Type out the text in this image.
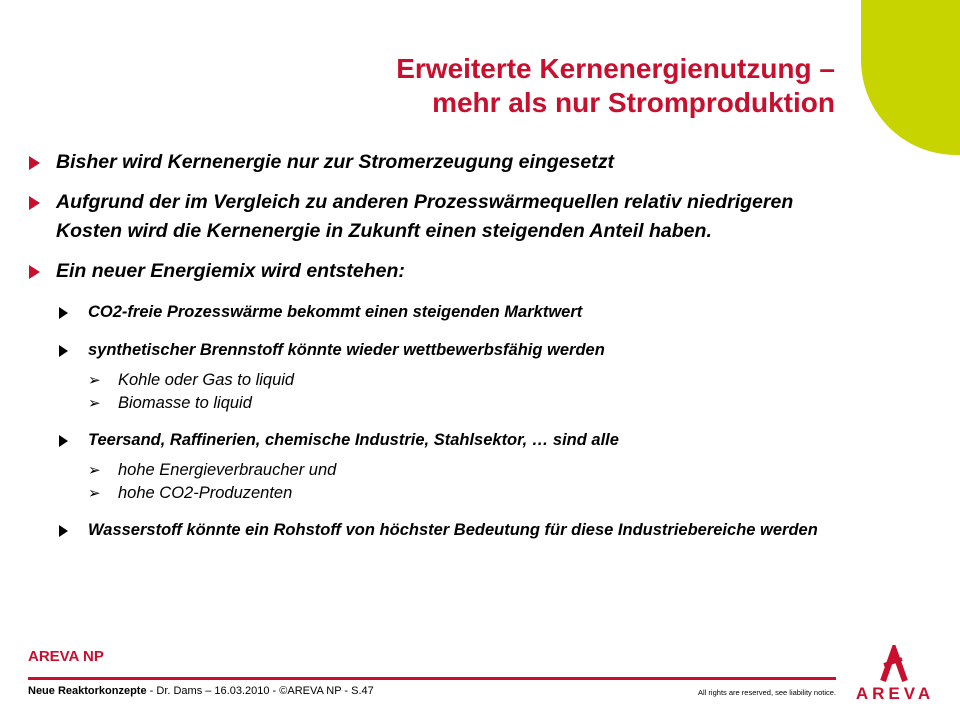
Erweiterte Kernenergienutzung –
mehr als nur Stromproduktion
Bisher wird Kernenergie nur zur Stromerzeugung eingesetzt
Aufgrund der im Vergleich zu anderen Prozesswärmequellen relativ niedrigeren Kosten wird die Kernenergie in Zukunft einen steigenden Anteil haben.
Ein neuer Energiemix wird entstehen:
CO2-freie Prozesswärme bekommt einen steigenden Marktwert
synthetischer Brennstoff könnte wieder wettbewerbsfähig werden
➢ Kohle oder Gas to liquid
➢ Biomasse to liquid
Teersand, Raffinerien, chemische Industrie, Stahlsektor, … sind alle
➢ hohe Energieverbraucher und
➢ hohe CO2-Produzenten
Wasserstoff könnte ein Rohstoff von höchster Bedeutung für diese Industriebereiche werden
AREVA NP
Neue Reaktorkonzepte - Dr. Dams – 16.03.2010 - ©AREVA NP - S.47	All rights are reserved, see liability notice.	AREVA
